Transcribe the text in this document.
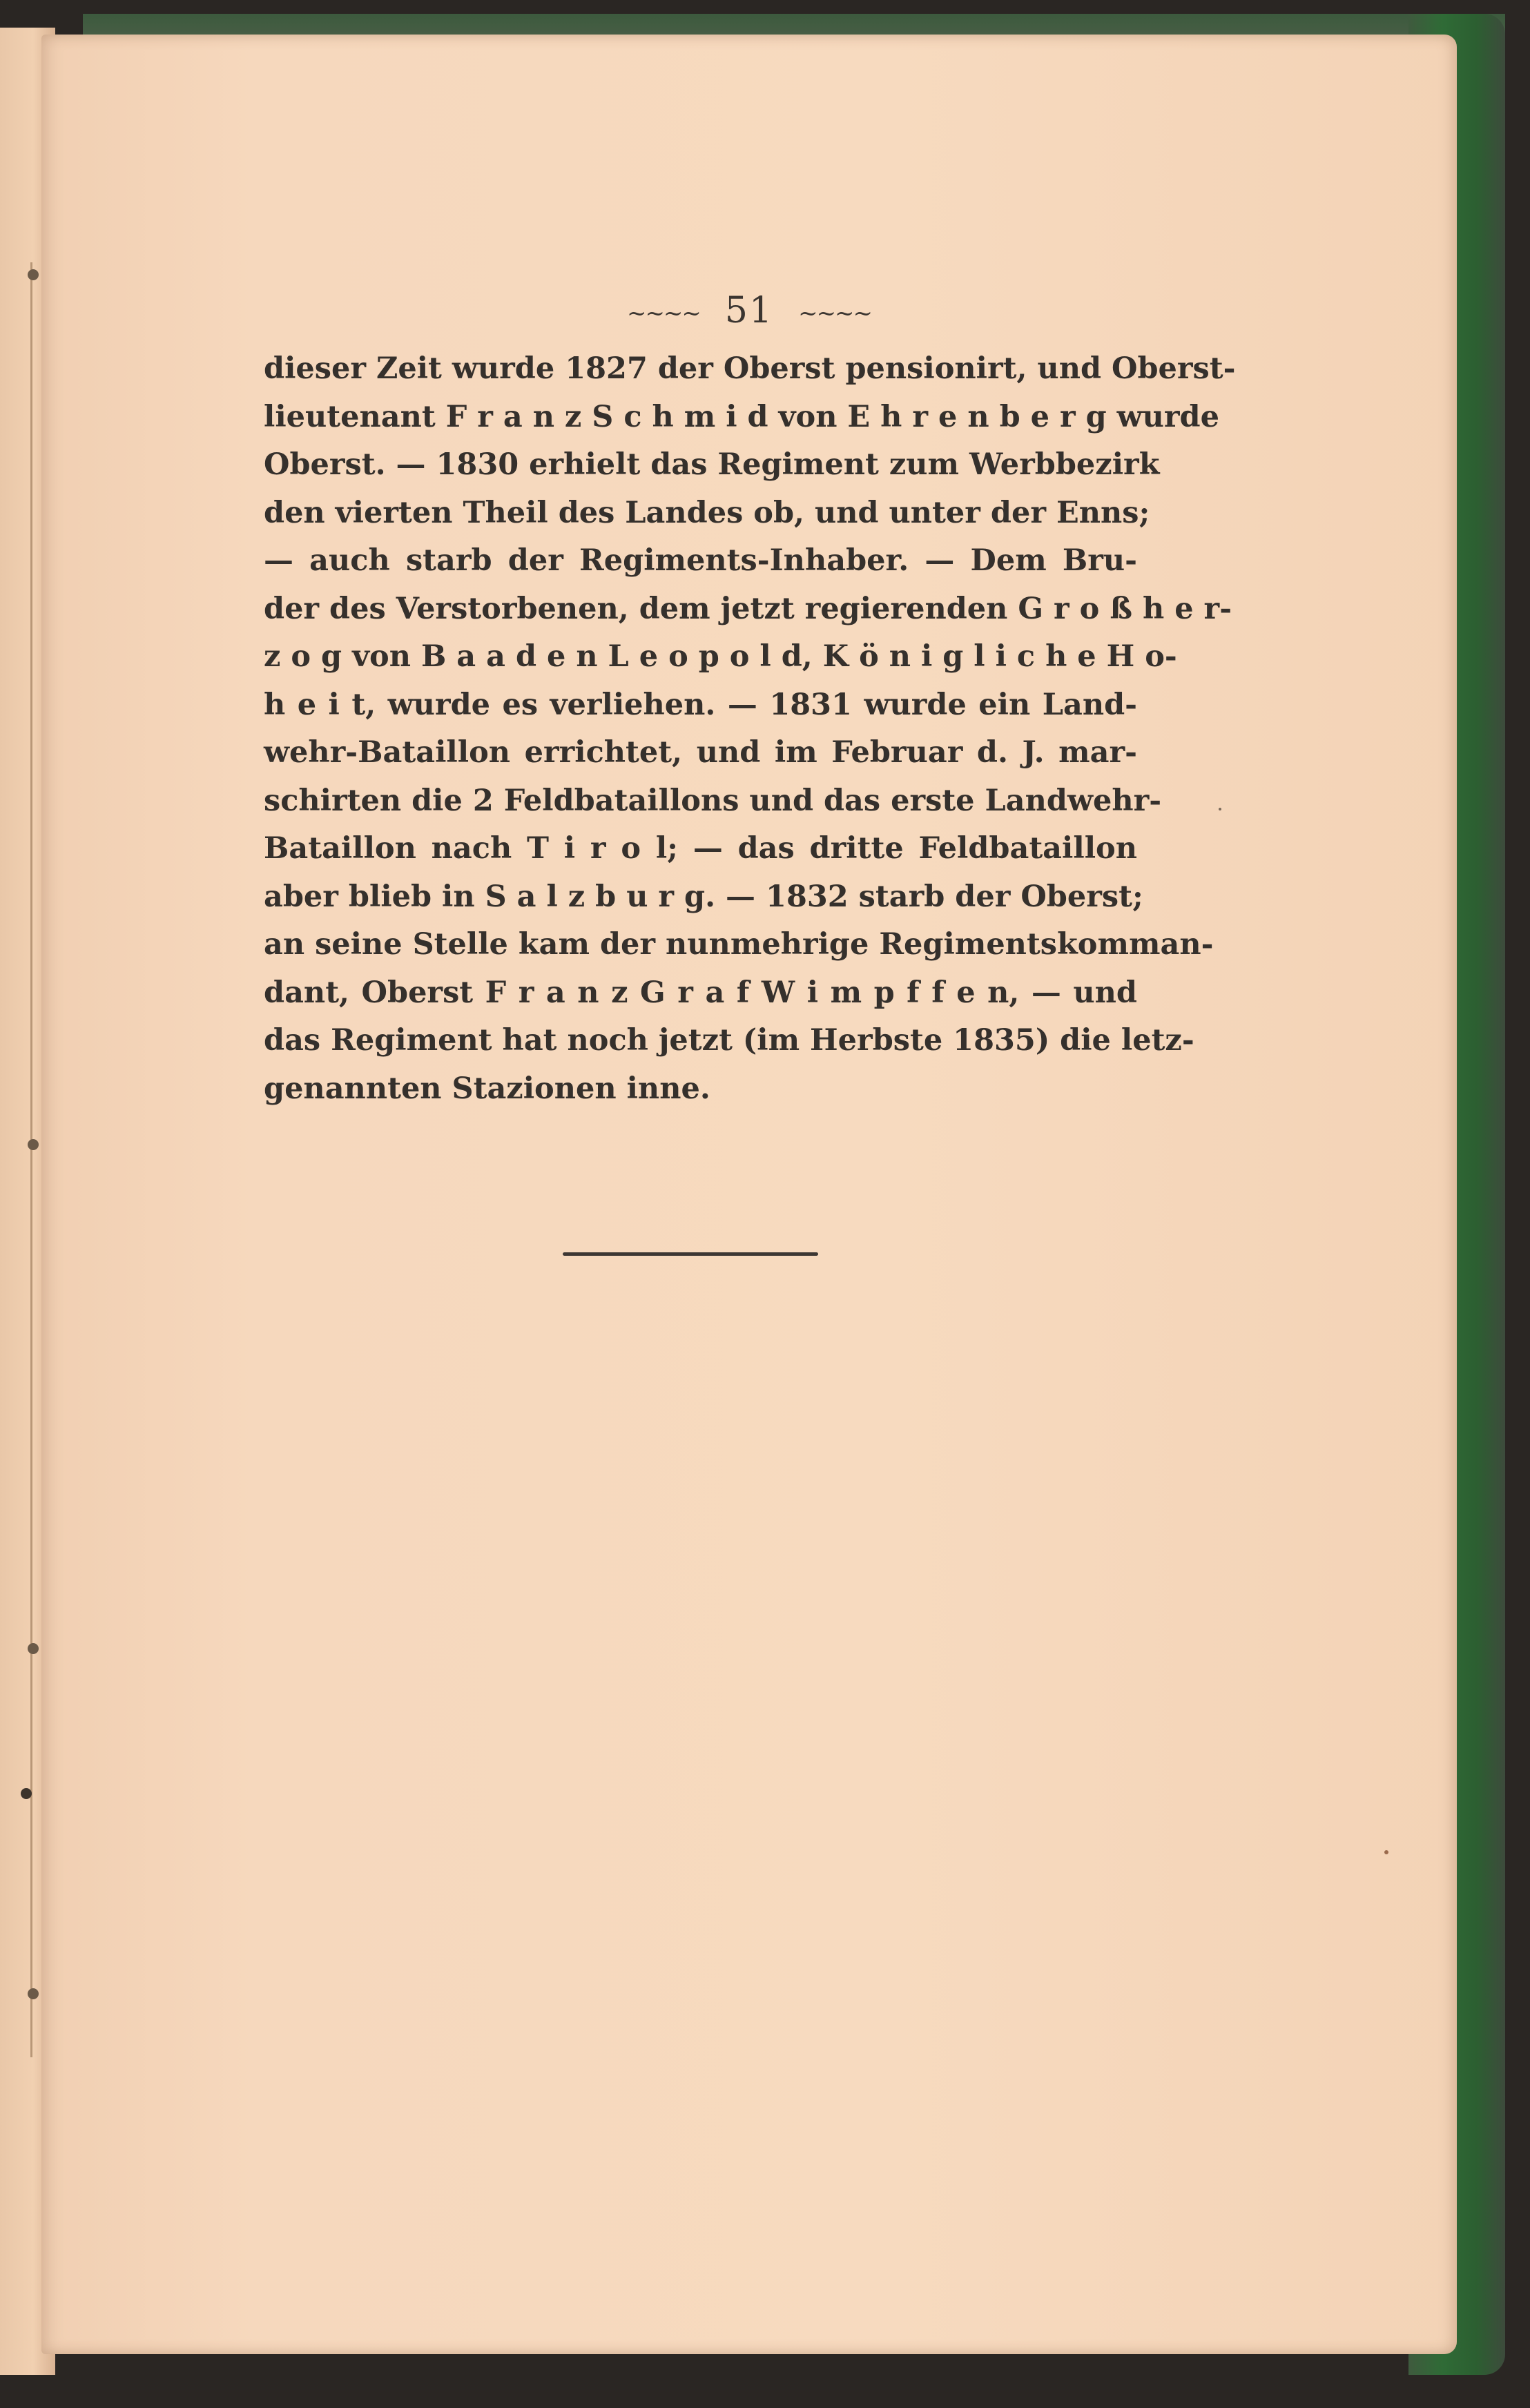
~~~~ 51 ~~~~
dieser Zeit wurde 1827 der Oberst pensionirt, und Oberst-
lieutenant F r a n z S c h m i d von E h r e n b e r g wurde
Oberst. — 1830 erhielt das Regiment zum Werbbezirk
den vierten Theil des Landes ob, und unter der Enns;
— auch starb der Regiments-Inhaber. — Dem Bru-
der des Verstorbenen, dem jetzt regierenden G r o ß h e r-
z o g von B a a d e n L e o p o l d, K ö n i g l i c h e H o-
h e i t, wurde es verliehen. — 1831 wurde ein Land-
wehr-Bataillon errichtet, und im Februar d. J. mar-
schirten die 2 Feldbataillons und das erste Landwehr-
Bataillon nach T i r o l; — das dritte Feldbataillon
aber blieb in S a l z b u r g. — 1832 starb der Oberst;
an seine Stelle kam der nunmehrige Regimentskomman-
dant, Oberst F r a n z G r a f W i m p f f e n, — und
das Regiment hat noch jetzt (im Herbste 1835) die letz-
genannten Stazionen inne.
